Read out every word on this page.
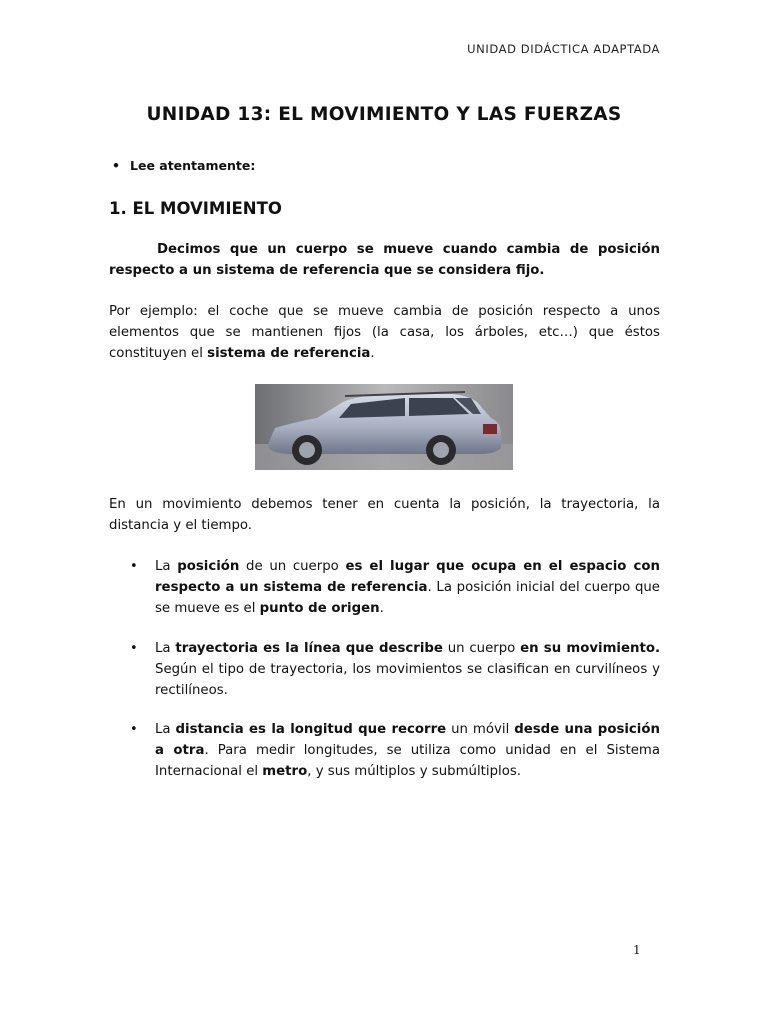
UNIDAD DIDÁCTICA ADAPTADA
UNIDAD 13: EL MOVIMIENTO Y LAS FUERZAS
• Lee atentamente:
1. EL MOVIMIENTO

Decimos que un cuerpo se mueve cuando cambia de posición respecto a un sistema de referencia que se considera fijo.

Por ejemplo: el coche que se mueve cambia de posición respecto a unos elementos que se mantienen fijos (la casa, los árboles, etc…) que éstos constituyen el sistema de referencia.

En un movimiento debemos tener en cuenta la posición, la trayectoria, la distancia y el tiempo.

• La posición de un cuerpo es el lugar que ocupa en el espacio con respecto a un sistema de referencia. La posición inicial del cuerpo que se mueve es el punto de origen.
• La trayectoria es la línea que describe un cuerpo en su movimiento. Según el tipo de trayectoria, los movimientos se clasifican en curvilíneos y rectilíneos.
• La distancia es la longitud que recorre un móvil desde una posición a otra. Para medir longitudes, se utiliza como unidad en el Sistema Internacional el metro, y sus múltiplos y submúltiplos.
1
